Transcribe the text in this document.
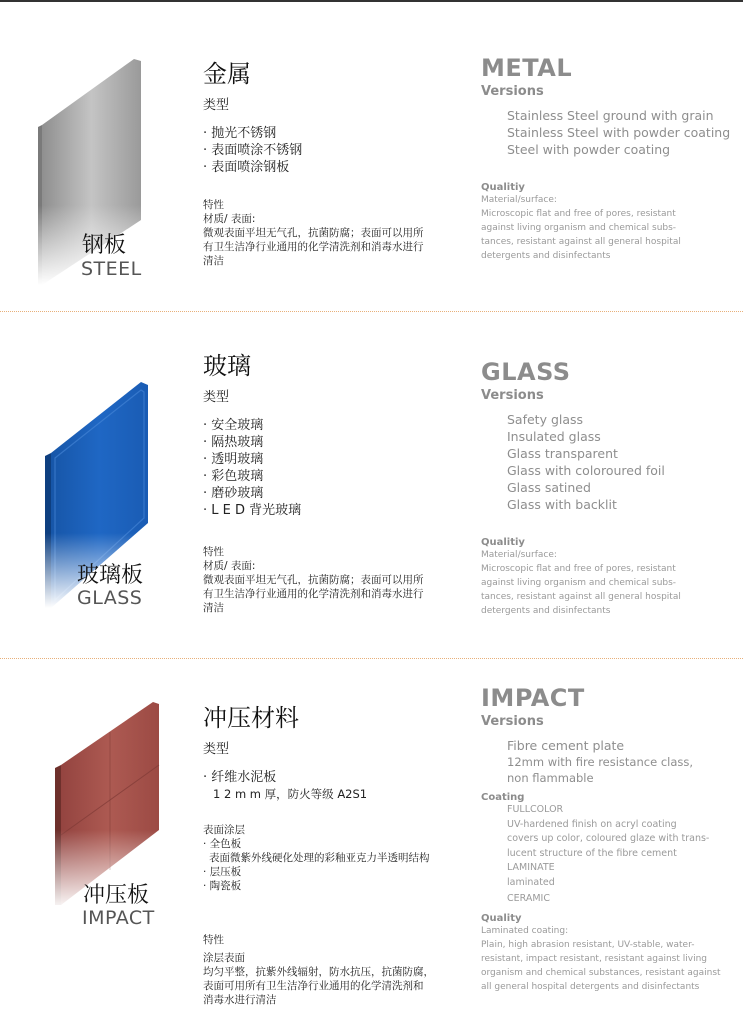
钢板
STEEL
金属
类型
· 抛光不锈钢
· 表面喷涂不锈钢
· 表面喷涂钢板
特性
材质/ 表面:
微观表面平坦无气孔，抗菌防腐；表面可以用所
有卫生洁净行业通用的化学清洗剂和消毒水进行
清洁
METAL
Versions
Stainless Steel ground with grain
Stainless Steel with powder coating
Steel with powder coating
Qualitiy
Material/surface:
Microscopic flat and free of pores, resistant
against living organism and chemical subs-
tances, resistant against all general hospital
detergents and disinfectants
玻璃板
GLASS
玻璃
类型
· 安全玻璃
· 隔热玻璃
· 透明玻璃
· 彩色玻璃
· 磨砂玻璃
· L E D 背光玻璃
特性
材质/ 表面:
微观表面平坦无气孔，抗菌防腐；表面可以用所
有卫生洁净行业通用的化学清洗剂和消毒水进行
清洁
GLASS
Versions
Safety glass
Insulated glass
Glass transparent
Glass with coloroured foil
Glass satined
Glass with backlit
Qualitiy
Material/surface:
Microscopic flat and free of pores, resistant
against living organism and chemical subs-
tances, resistant against all general hospital
detergents and disinfectants
冲压板
IMPACT
冲压材料
类型
· 纤维水泥板
1 2 m m 厚，防火等级 A2S1
表面涂层
· 全色板
表面微紫外线硬化处理的彩釉亚克力半透明结构
· 层压板
· 陶瓷板
特性
涂层表面
均匀平整，抗紫外线辐射，防水抗压，抗菌防腐，
表面可用所有卫生洁净行业通用的化学清洗剂和
消毒水进行清洁
IMPACT
Versions
Fibre cement plate
12mm with fire resistance class,
non flammable
Coating
FULLCOLOR
UV-hardened finish on acryl coating
covers up color, coloured glaze with trans-
lucent structure of the fibre cement
LAMINATE
laminated
CERAMIC
Quality
Laminated coating:
Plain, high abrasion resistant, UV-stable, water-
resistant, impact resistant, resistant against living
organism and chemical substances, resistant against
all general hospital detergents and disinfectants
